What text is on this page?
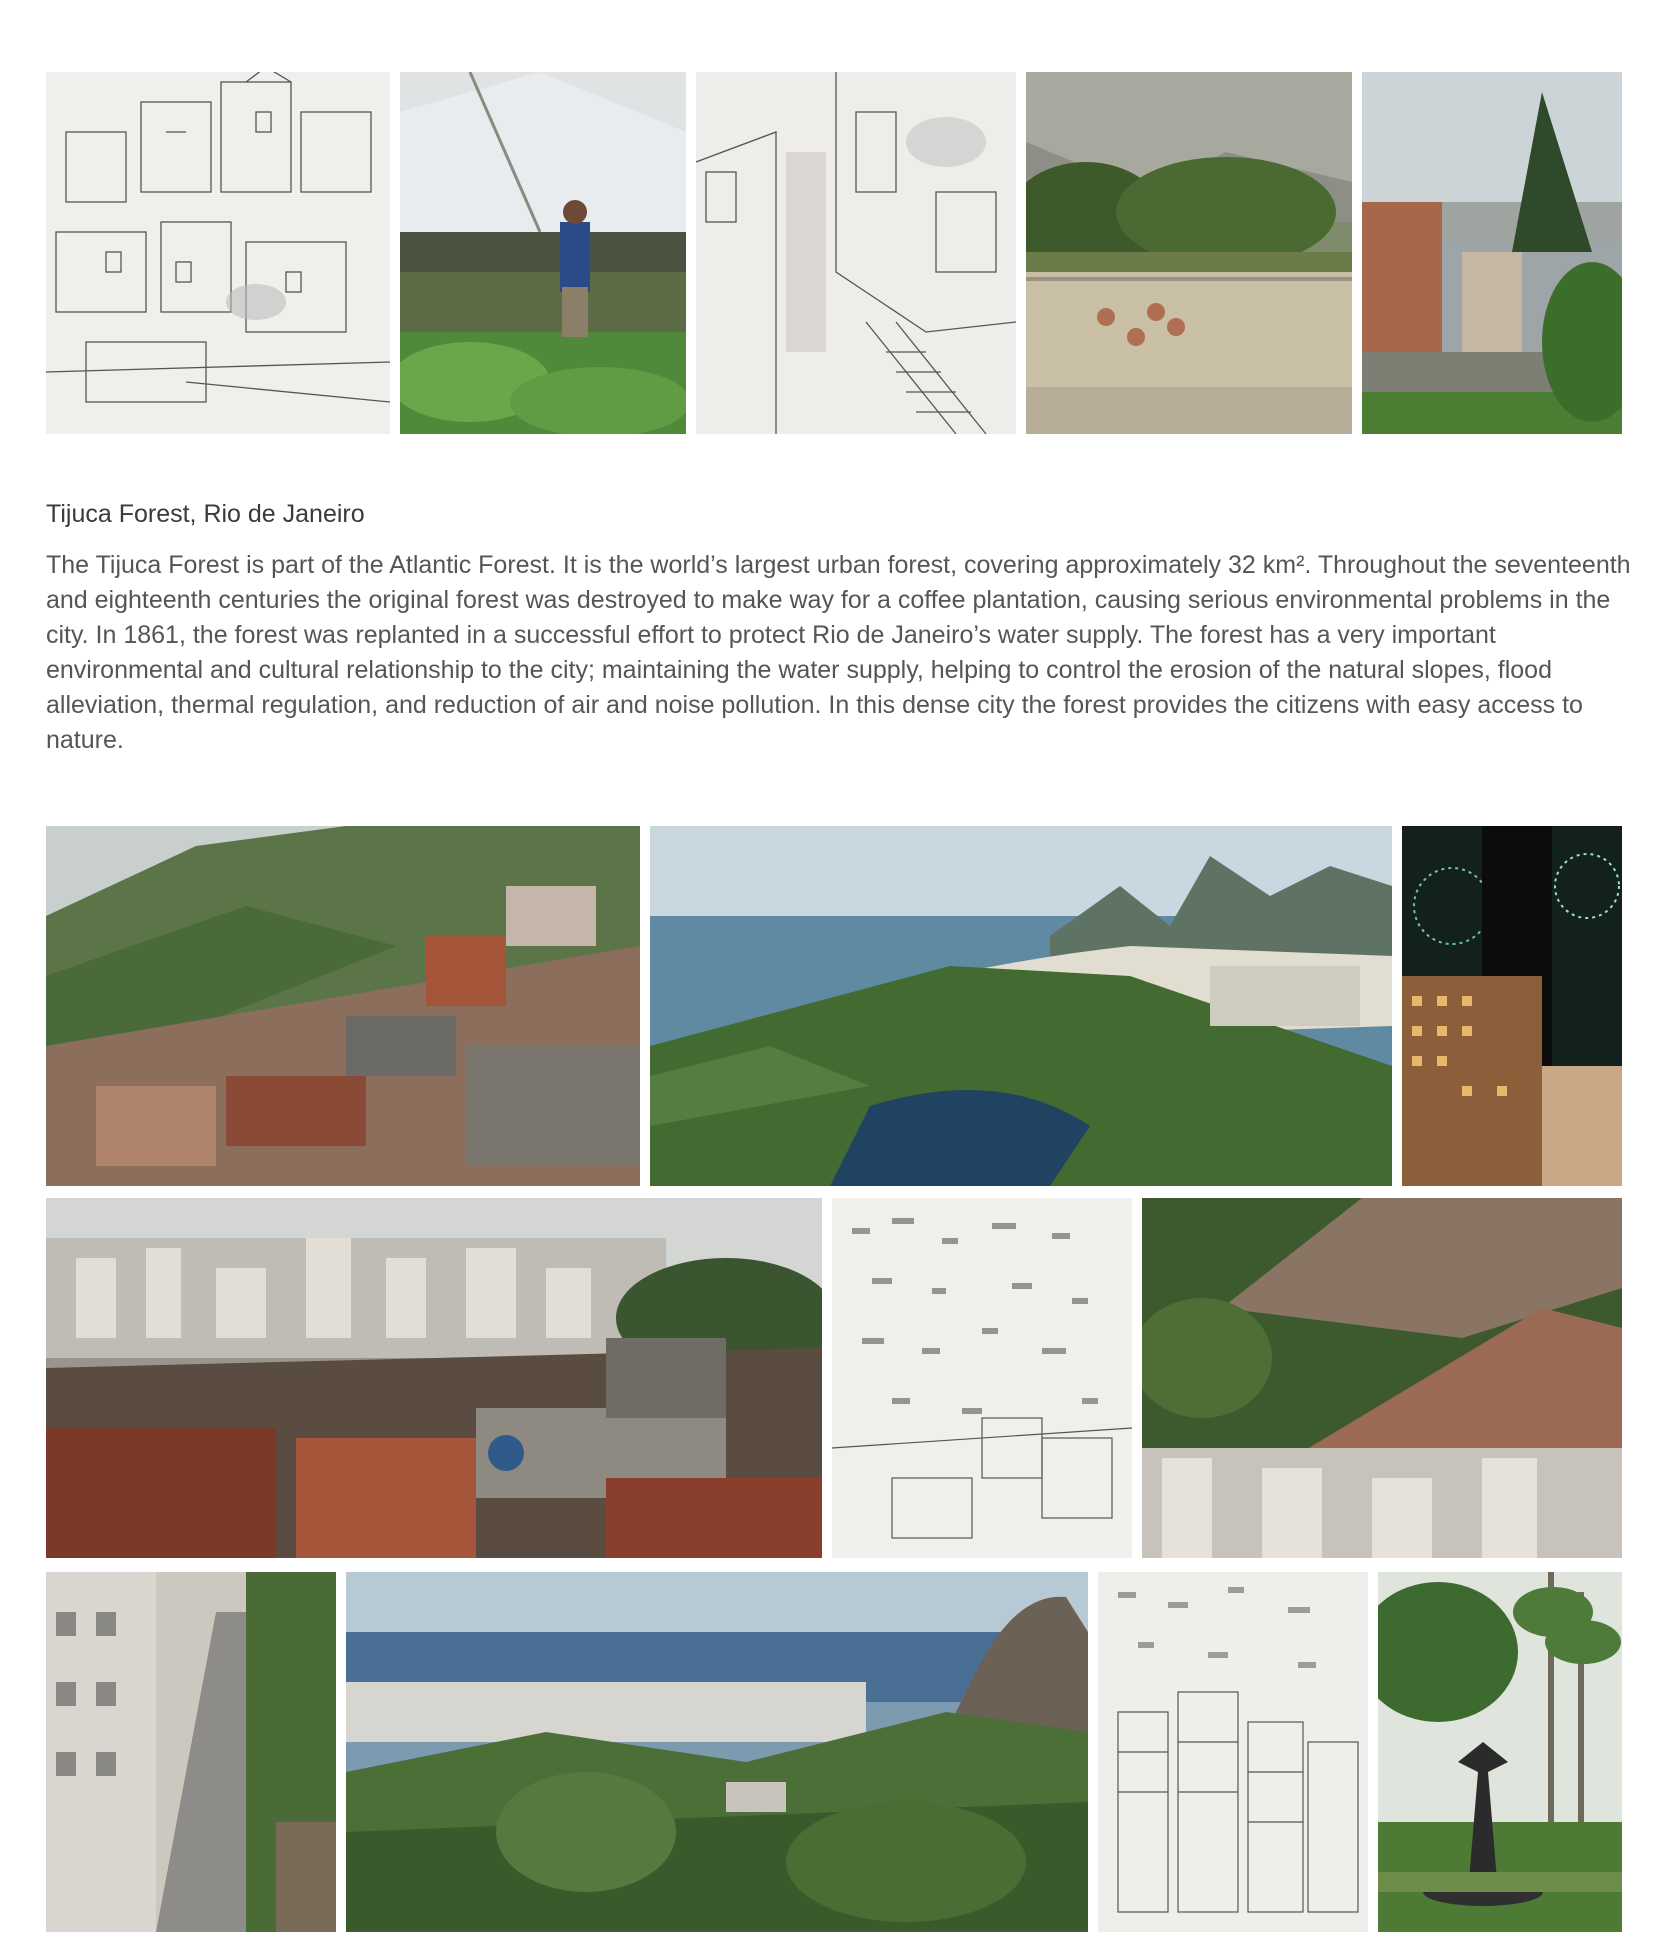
Tijuca Forest, Rio de Janeiro

The Tijuca Forest is part of the Atlantic Forest. It is the world’s largest urban forest, covering approximately 32 km². Throughout the seventeenth and eighteenth centuries the original forest was destroyed to make way for a coffee plantation, causing serious environmental problems in the city. In 1861, the forest was replanted in a successful effort to protect Rio de Janeiro’s water supply. The forest has a very important environmental and cultural relationship to the city; maintaining the water supply, helping to control the erosion of the natural slopes, flood alleviation, thermal regulation, and reduction of air and noise pollution. In this dense city the forest provides the citizens with easy access to nature.
